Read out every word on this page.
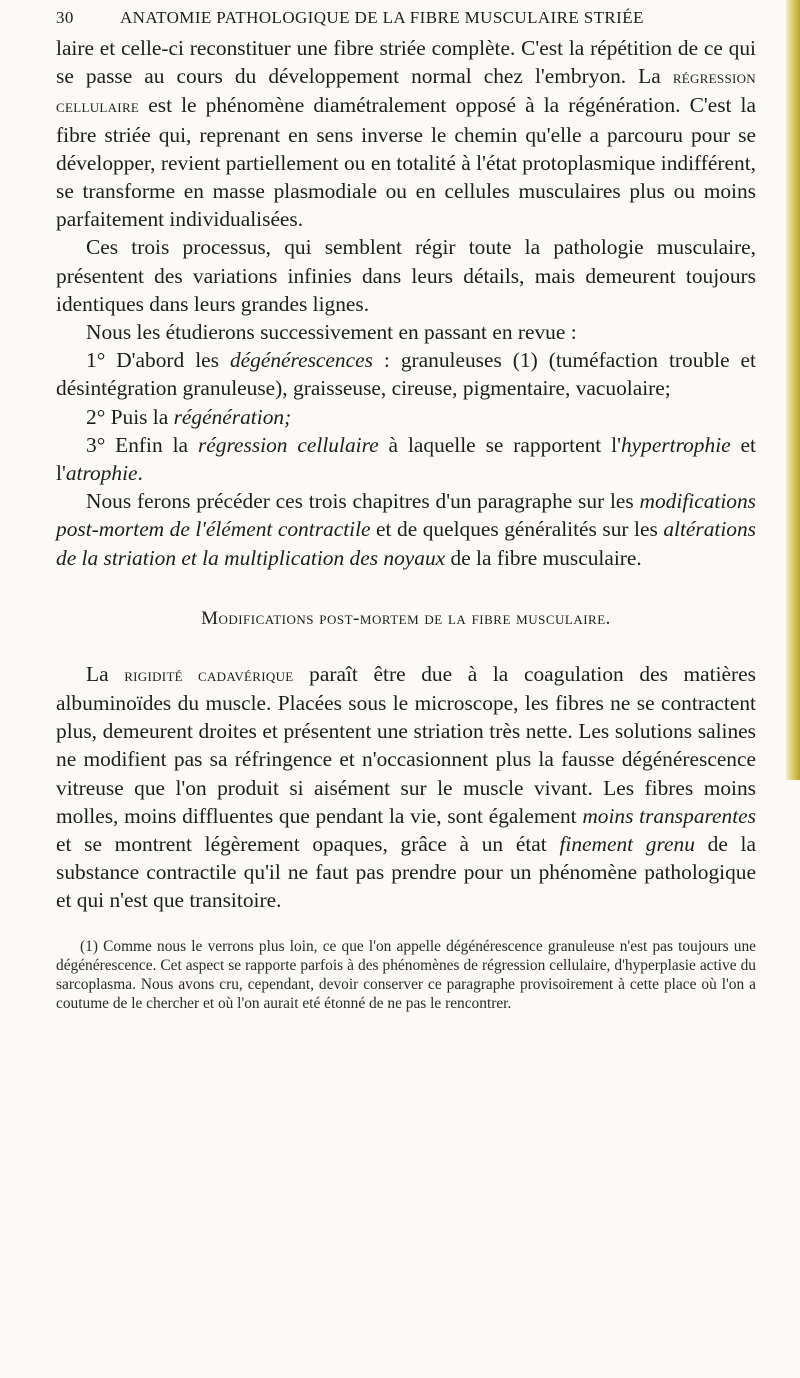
30	ANATOMIE PATHOLOGIQUE DE LA FIBRE MUSCULAIRE STRIÉE

laire et celle-ci reconstituer une fibre striée complète. C'est la répétition de ce qui se passe au cours du développement normal chez l'embryon. La régression cellulaire est le phénomène diamétralement opposé à la régénération. C'est la fibre striée qui, reprenant en sens inverse le chemin qu'elle a parcouru pour se développer, revient partiellement ou en totalité à l'état protoplasmique indifférent, se transforme en masse plasmodiale ou en cellules musculaires plus ou moins parfaitement individualisées.

Ces trois processus, qui semblent régir toute la pathologie musculaire, présentent des variations infinies dans leurs détails, mais demeurent toujours identiques dans leurs grandes lignes.

Nous les étudierons successivement en passant en revue :

1° D'abord les dégénérescences : granuleuses (1) (tuméfaction trouble et désintégration granuleuse), graisseuse, cireuse, pigmentaire, vacuolaire;

2° Puis la régénération;

3° Enfin la régression cellulaire à laquelle se rapportent l'hypertrophie et l'atrophie.

Nous ferons précéder ces trois chapitres d'un paragraphe sur les modifications post-mortem de l'élément contractile et de quelques généralités sur les altérations de la striation et la multiplication des noyaux de la fibre musculaire.

Modifications post-mortem de la fibre musculaire.

La rigidité cadavérique paraît être due à la coagulation des matières albuminoïdes du muscle. Placées sous le microscope, les fibres ne se contractent plus, demeurent droites et présentent une striation très nette. Les solutions salines ne modifient pas sa réfringence et n'occasionnent plus la fausse dégénérescence vitreuse que l'on produit si aisément sur le muscle vivant. Les fibres moins molles, moins diffluentes que pendant la vie, sont également moins transparentes et se montrent légèrement opaques, grâce à un état finement grenu de la substance contractile qu'il ne faut pas prendre pour un phénomène pathologique et qui n'est que transitoire.

(1) Comme nous le verrons plus loin, ce que l'on appelle dégénérescence granuleuse n'est pas toujours une dégénérescence. Cet aspect se rapporte parfois à des phénomènes de régression cellulaire, d'hyperplasie active du sarcoplasma. Nous avons cru, cependant, devoir conserver ce paragraphe provisoirement à cette place où l'on a coutume de le chercher et où l'on aurait eté étonné de ne pas le rencontrer.
